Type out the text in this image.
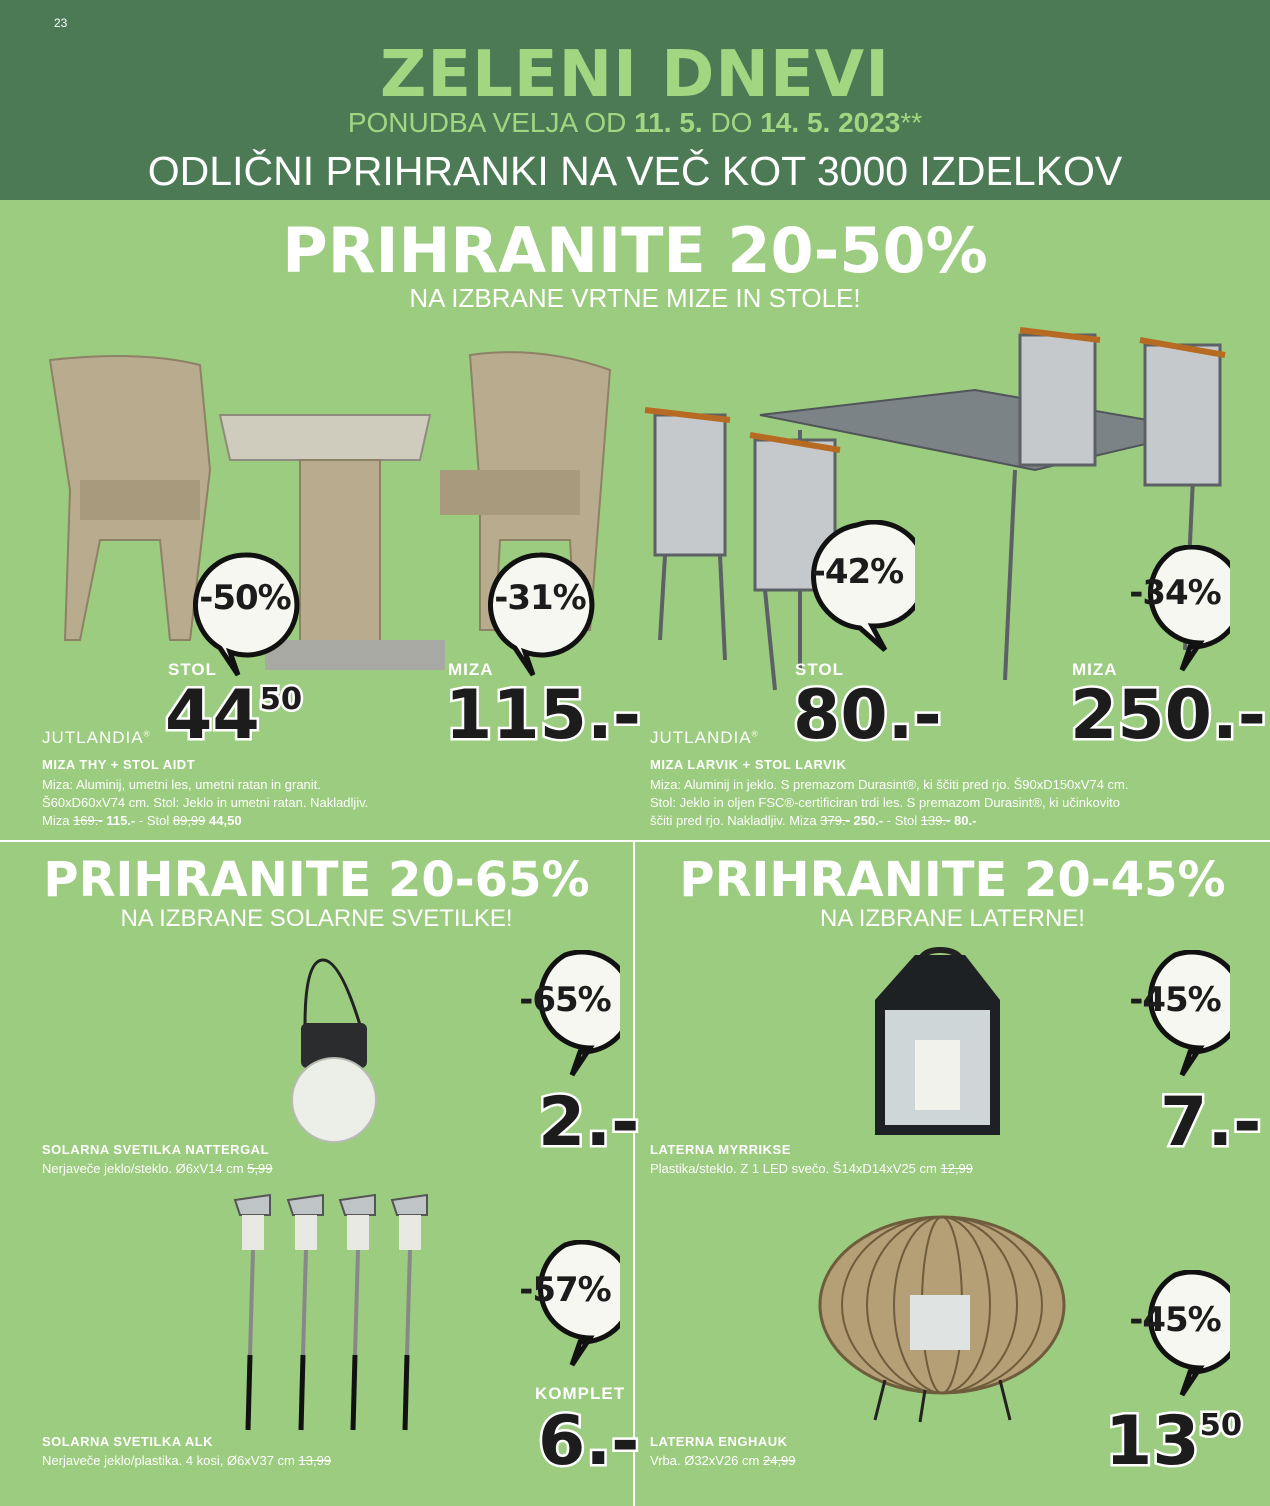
23
ZELENI DNEVI
PONUDBA VELJA OD 11. 5. DO 14. 5. 2023**
ODLIČNI PRIHRANKI NA VEČ KOT 3000 IZDELKOV
PRIHRANITE 20-50%
NA IZBRANE VRTNE MIZE IN STOLE!
-50%	-31%
-42%
-34%
STOL
$44^{50}$
MIZA
115.-
STOL
80.-
MIZA
250.-
JUTLANDIA®
MIZA THY + STOL AIDT
Miza: Aluminij, umetni les, umetni ratan in granit.
Š60xD60xV74 cm. Stol: Jeklo in umetni ratan. Nakladljiv.
Miza 169.- 115.- - Stol 89,99 44,50
JUTLANDIA®
MIZA LARVIK + STOL LARVIK
Miza: Aluminij in jeklo. S premazom Durasint®, ki ščiti pred rjo. Š90xD150xV74 cm.
Stol: Jeklo in oljen FSC®-certificiran trdi les. S premazom Durasint®, ki učinkovito
ščiti pred rjo. Nakladljiv. Miza 379.- 250.- - Stol 139.- 80.-
PRIHRANITE 20-65%
NA IZBRANE SOLARNE SVETILKE!
-65%
2.-
SOLARNA SVETILKA NATTERGAL
Nerjaveče jeklo/steklo. Ø6xV14 cm 5,99
-57%
KOMPLET
6.-
SOLARNA SVETILKA ALK
Nerjaveče jeklo/plastika. 4 kosi, Ø6xV37 cm 13,99
PRIHRANITE 20-45%
NA IZBRANE LATERNE!
-45%
7.-
LATERNA MYRRIKSE
Plastika/steklo. Z 1 LED svečo. Š14xD14xV25 cm 12,99
-45%
$13^{50}$
LATERNA ENGHAUK
Vrba. Ø32xV26 cm 24,99
